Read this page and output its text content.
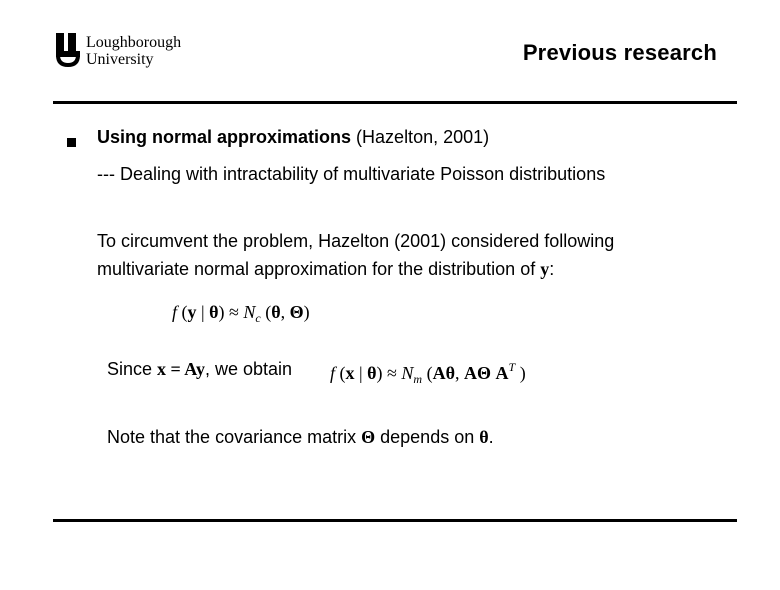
Loughborough
University	Previous research
Using normal approximations (Hazelton, 2001)
--- Dealing with intractability of multivariate Poisson distributions
To circumvent the problem, Hazelton (2001) considered following
multivariate normal approximation for the distribution of y:
f (y | $\theta) \approx N_c$ (θ, Θ)
Since x = Ay, we obtain f (x | $\theta) \approx N_m$ (Aθ, AΘ $A^T$ )
Note that the covariance matrix Θ depends on θ.
